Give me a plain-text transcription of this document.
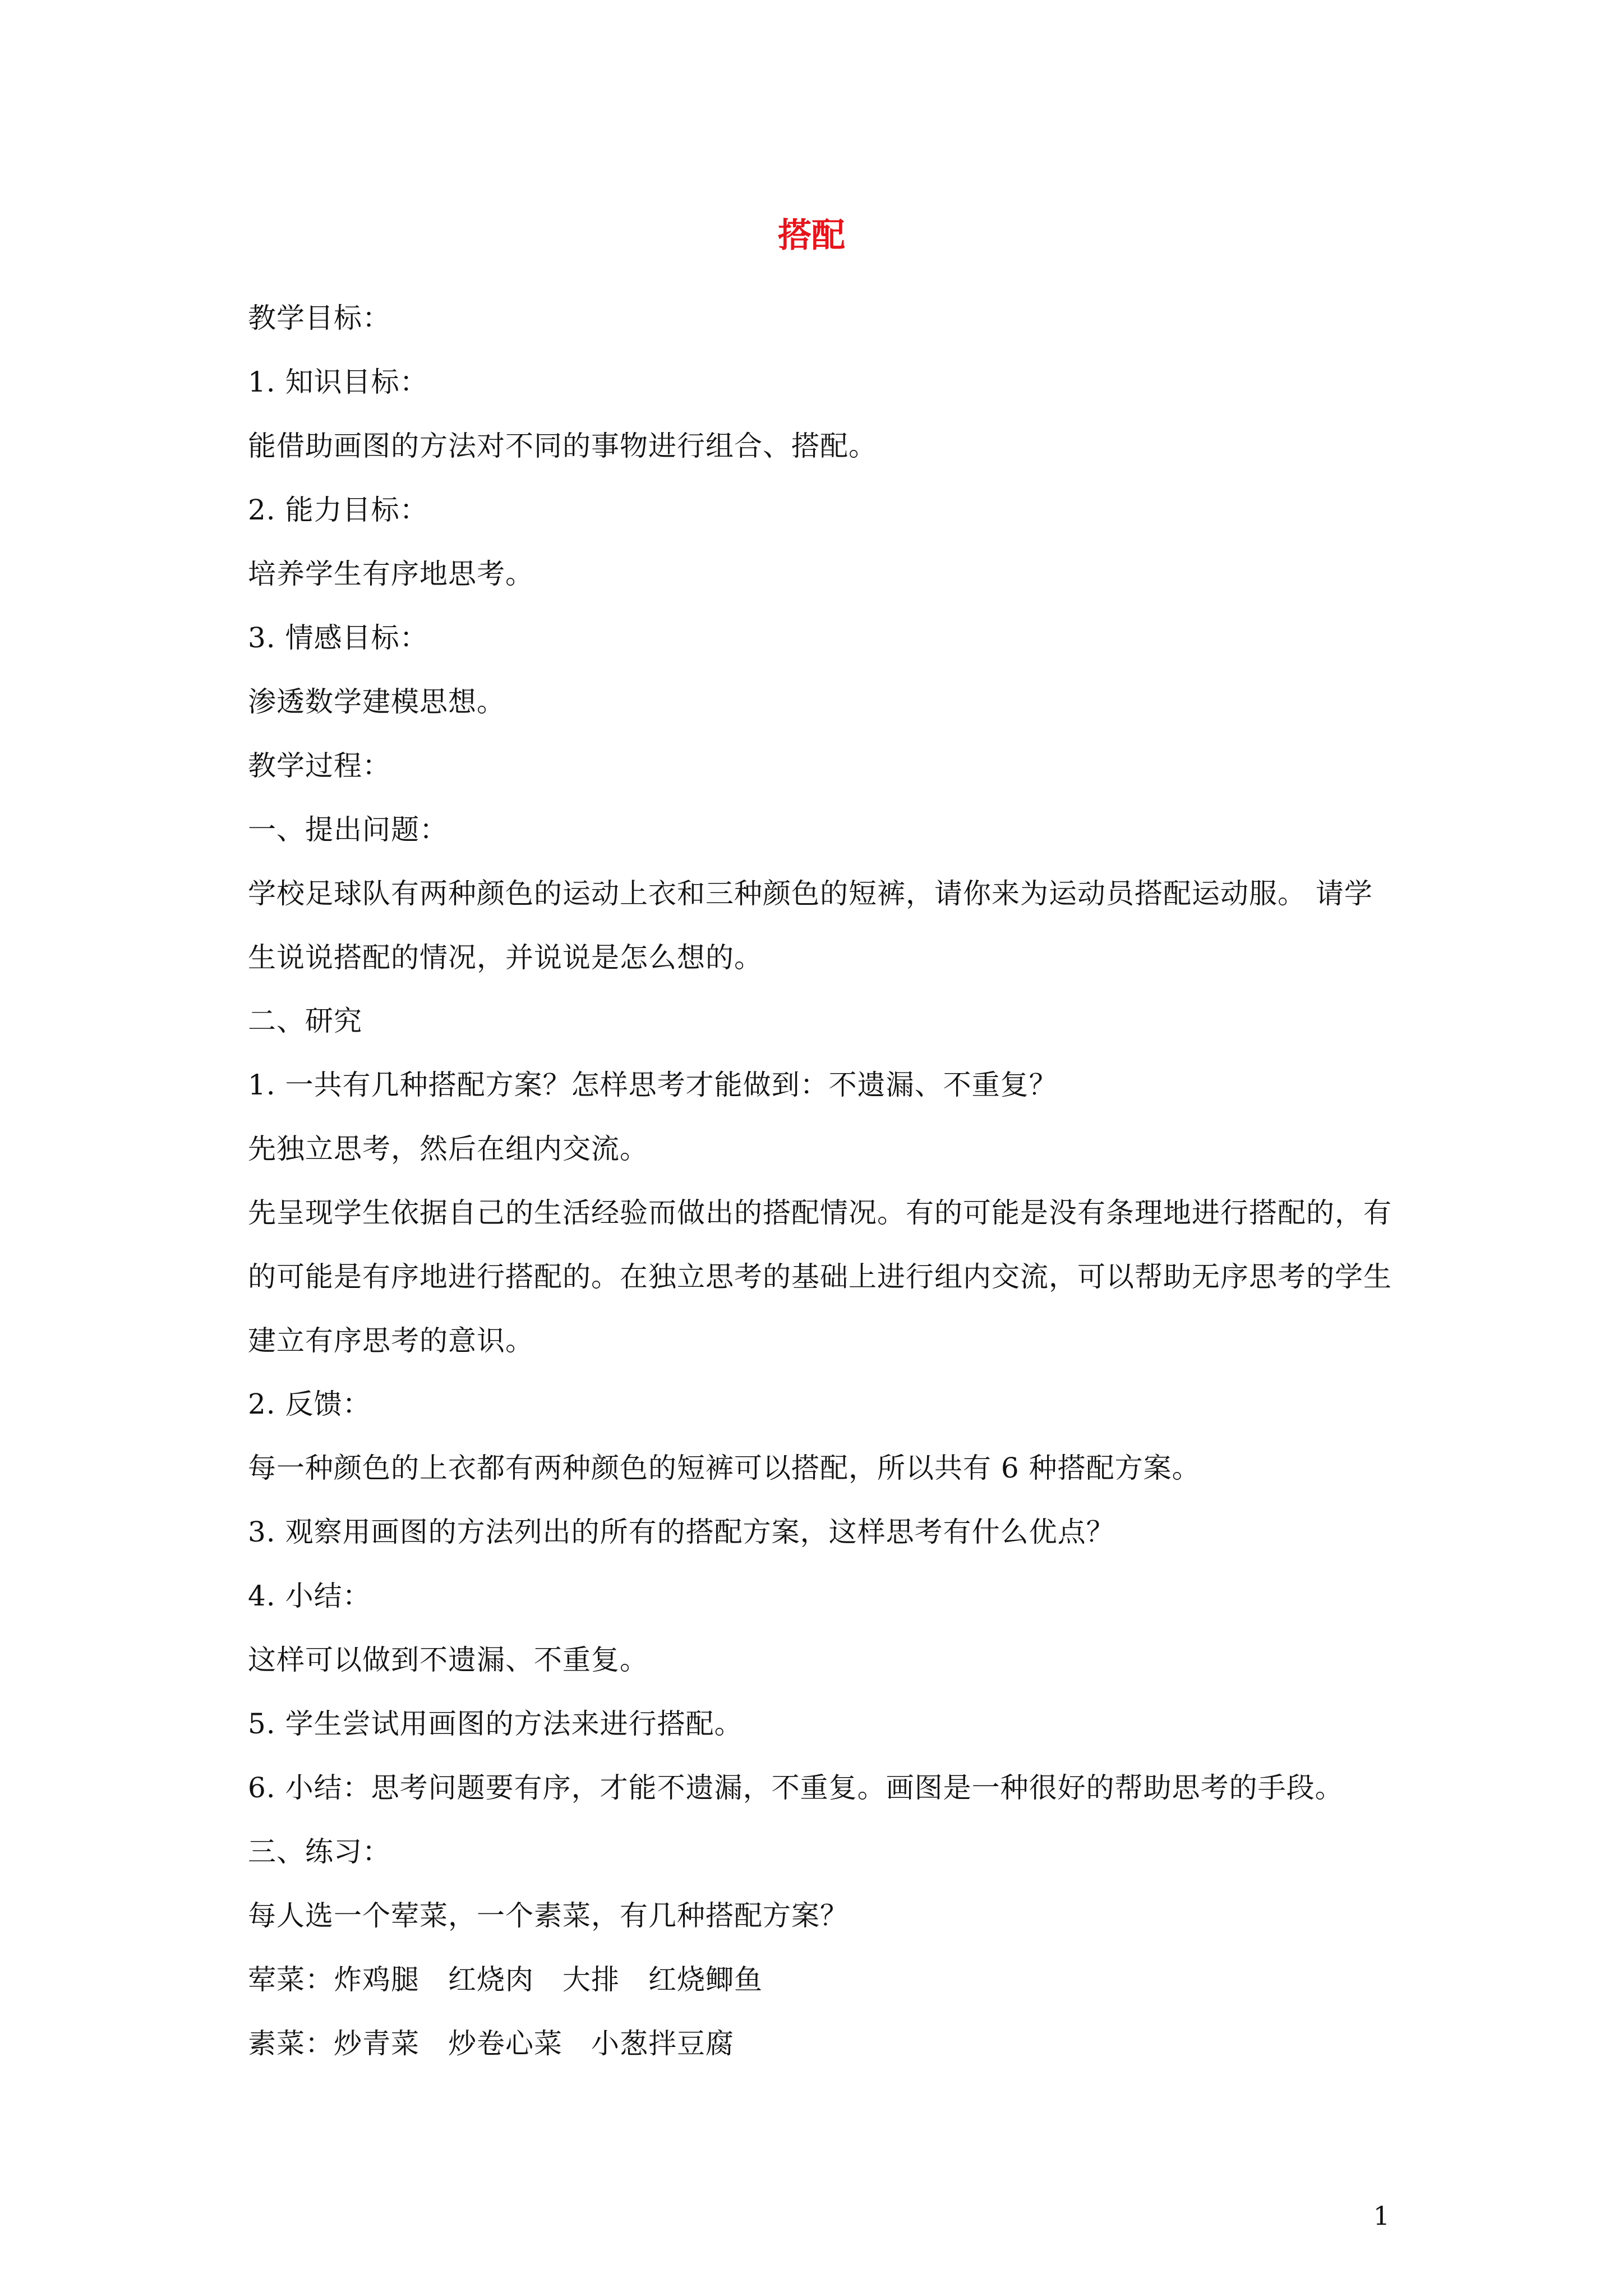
搭配
教学目标：
1. 知识目标：
能借助画图的方法对不同的事物进行组合、搭配。
2. 能力目标：
培养学生有序地思考。
3. 情感目标：
渗透数学建模思想。
教学过程：
一、提出问题：
学校足球队有两种颜色的运动上衣和三种颜色的短裤，请你来为运动员搭配运动服。 请学生说说搭配的情况，并说说是怎么想的。
二、研究
1. 一共有几种搭配方案？怎样思考才能做到：不遗漏、不重复？
先独立思考，然后在组内交流。
先呈现学生依据自己的生活经验而做出的搭配情况。有的可能是没有条理地进行搭配的，有的可能是有序地进行搭配的。在独立思考的基础上进行组内交流，可以帮助无序思考的学生建立有序思考的意识。
2. 反馈：
每一种颜色的上衣都有两种颜色的短裤可以搭配，所以共有 6 种搭配方案。
3. 观察用画图的方法列出的所有的搭配方案，这样思考有什么优点？
4. 小结：
这样可以做到不遗漏、不重复。
5. 学生尝试用画图的方法来进行搭配。
6. 小结：思考问题要有序，才能不遗漏，不重复。画图是一种很好的帮助思考的手段。
三、练习：
每人选一个荤菜，一个素菜，有几种搭配方案？
荤菜：炸鸡腿　红烧肉　大排　红烧鲫鱼
素菜：炒青菜　炒卷心菜　小葱拌豆腐
1
